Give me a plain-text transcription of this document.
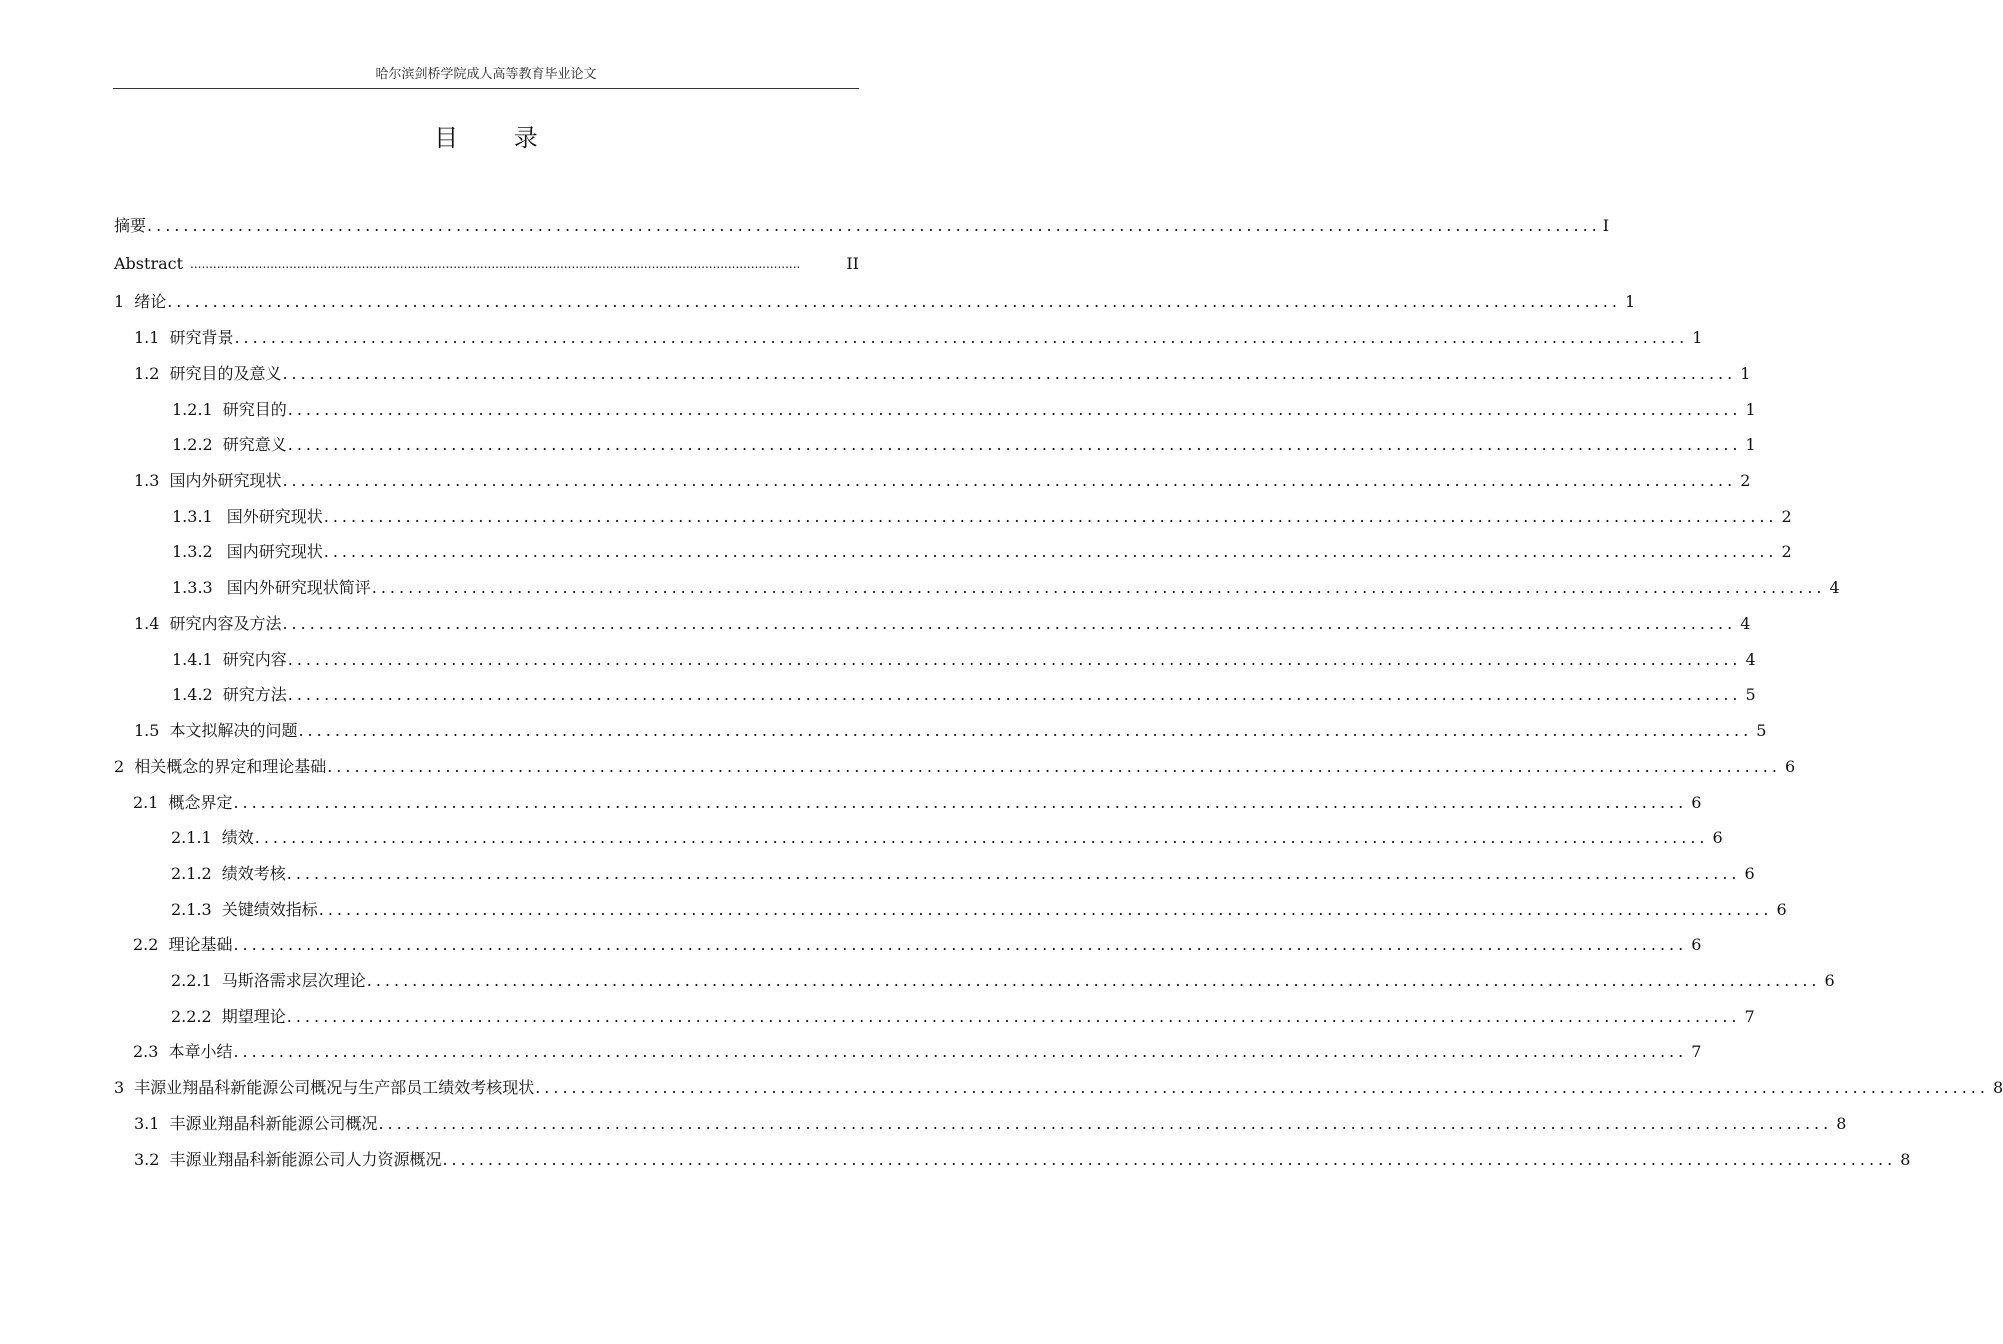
哈尔滨剑桥学院成人高等教育毕业论文
目 录
摘要 ................................................................................................................................................................ I
Abstract ................................................................................................................................................................	II
1 绪论 ................................................................................................................................................................ 1
1.1 研究背景 ................................................................................................................................................................ 1
1.2 研究目的及意义 ................................................................................................................................................................ 1
1.2.1 研究目的 ................................................................................................................................................................ 1
1.2.2 研究意义 ................................................................................................................................................................ 1
1.3 国内外研究现状 ................................................................................................................................................................ 2
1.3.1 国外研究现状 ................................................................................................................................................................ 2
1.3.2 国内研究现状 ................................................................................................................................................................ 2
1.3.3 国内外研究现状简评 ................................................................................................................................................................ 4
1.4 研究内容及方法 ................................................................................................................................................................ 4
1.4.1 研究内容 ................................................................................................................................................................ 4
1.4.2 研究方法 ................................................................................................................................................................ 5
1.5 本文拟解决的问题 ................................................................................................................................................................ 5
2 相关概念的界定和理论基础 ................................................................................................................................................................ 6
2.1 概念界定 ................................................................................................................................................................ 6
2.1.1 绩效 ................................................................................................................................................................ 6
2.1.2 绩效考核 ................................................................................................................................................................ 6
2.1.3 关键绩效指标 ................................................................................................................................................................ 6
2.2 理论基础 ................................................................................................................................................................ 6
2.2.1 马斯洛需求层次理论 ................................................................................................................................................................ 6
2.2.2 期望理论 ................................................................................................................................................................ 7
2.3 本章小结 ................................................................................................................................................................ 7
3 丰源业翔晶科新能源公司概况与生产部员工绩效考核现状 ................................................................................................................................................................ 8
3.1 丰源业翔晶科新能源公司概况 ................................................................................................................................................................ 8
3.2 丰源业翔晶科新能源公司人力资源概况 ................................................................................................................................................................ 8
